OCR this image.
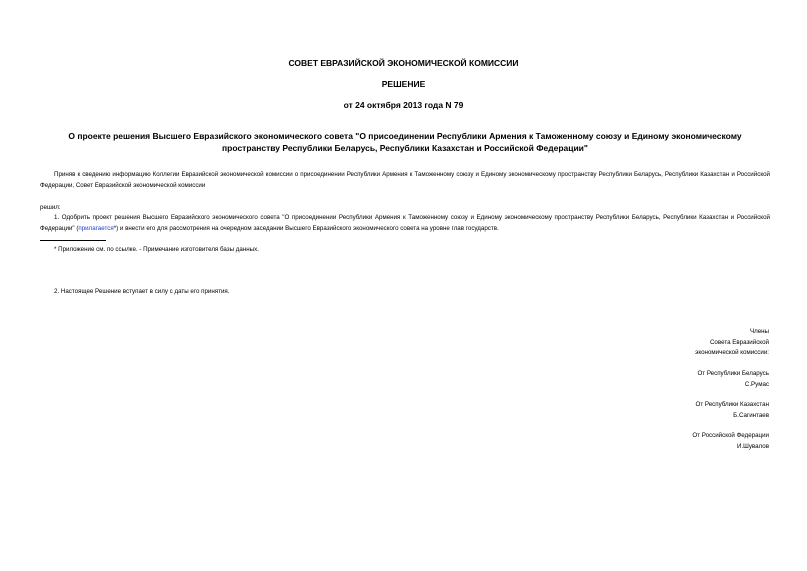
СОВЕТ ЕВРАЗИЙСКОЙ ЭКОНОМИЧЕСКОЙ КОМИССИИ
РЕШЕНИЕ
от 24 октября 2013 года N 79
О проекте решения Высшего Евразийского экономического совета "О присоединении Республики Армения к Таможенному союзу и Единому экономическому
пространству Республики Беларусь, Республики Казахстан и Российской Федерации"
Приняв к сведению информацию Коллегии Евразийской экономической комиссии о присоединении Республики Армения к Таможенному союзу и Единому экономическому пространству Республики Беларусь, Республики Казахстан и Российской Федерации, Совет Евразийской экономической комиссии
решил:
1. Одобрить проект решения Высшего Евразийского экономического совета "О присоединении Республики Армения к Таможенному союзу и Единому экономическому пространству Республики Беларусь, Республики Казахстан и Российской Федерации" (прилагается*) и внести его для рассмотрения на очередном заседании Высшего Евразийского экономического совета на уровне глав государств.
* Приложение см. по ссылке. - Примечание изготовителя базы данных.
2. Настоящее Решение вступает в силу с даты его принятия.
Члены
Совета Евразийской
экономической комиссии:
От Республики Беларусь
С.Румас
От Республики Казахстан
Б.Сагинтаев
От Российской Федерации
И.Шувалов
